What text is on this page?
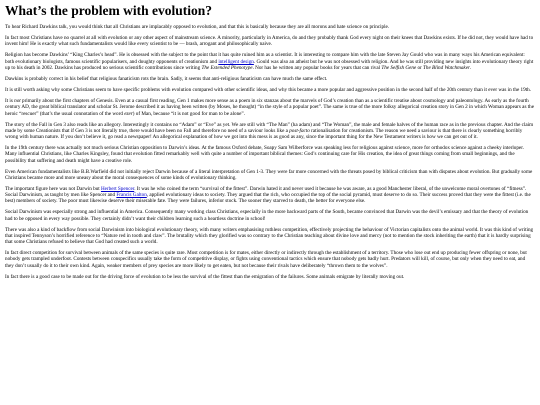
What’s the problem with evolution?

To hear Richard Dawkins talk, you would think that all Christians are implacably opposed to evolution, and that this is basically because they are all morons and hate science on principle.

In fact most Christians have no quarrel at all with evolution or any other aspect of mainstream science. A minority, particularly in America, do and they probably thank God every night on their knees that Dawkins exists. If he did not, they would have had to invent him! He is exactly what such fundamentalists would like every scientist to be — brash, arrogant and philosophically naive.

Religion has become Dawkins’ “King Charles’s head”. He is obsessed with the subject to the point that it has quite ruined him as a scientist. It is interesting to compare him with the late Steven Jay Gould who was in many ways his American equivalent: both evolutionary biologists, famous scientific popularisers, and doughty opponents of creationism and intelligent design. Gould was also an atheist but he was not obsessed with religion. And he was still providing new insights into evolutionary theory right up to his death in 2002. Dawkins has produced no serious scientific contributions since writing The Extended Phenotype. Nor has he written any popular books for years that can rival The Selfish Gene or The Blind Watchmaker.

Dawkins is probably correct in his belief that religious fanaticism rots the brain. Sadly, it seems that anti-religious fanaticism can have much the same effect.

It is still worth asking why some Christians seem to have specific problems with evolution compared with other scientific ideas, and why this became a more popular and aggressive position in the second half of the 20th century than it ever was in the 19th.

It is not primarily about the first chapters of Genesis. Even at a casual first reading, Gen 1 makes more sense as a poem in six stanzas about the marvels of God’s creation than as a scientific treatise about cosmology and paleontology. As early as the fourth century AD, the great biblical translator and scholar St. Jerome described it as having been written (by Moses, he thought) “in the style of a popular poet”. The same is true of the more folksy allegorical creation story in Gen 2 in which Woman appears as the heroic “rescuer” (that’s the usual connotation of the word ezer) of Man, because “it is not good for man to be alone”.

The story of the Fall in Gen 3 also reads like an allegory. Interestingly it contains no “Adam” or “Eve” as yet. We are still with “The Man” (ha adam) and “The Woman”, the male and female halves of the human race as in the previous chapter. And the claim made by some Creationists that if Gen 3 is not literally true, there would have been no Fall and therefore no need of a saviour looks like a post-facto rationalisation for creationism. The reason we need a saviour is that there is clearly something horribly wrong with human nature. If you don’t believe it, go read a newspaper! An allegorical explanation of how we got into this mess is as good as any, since the important thing for the New Testament writers is how we can get out of it.

In the 19th century there was actually not much serious Christian opposition to Darwin’s ideas. At the famous Oxford debate, Soapy Sam Wilberforce was speaking less for religious against science, more for orthodox science against a cheeky interloper. Many influential Christians, like Charles Kingsley, found that evolution fitted remarkably well with quite a number of important biblical themes: God’s continuing care for His creation, the idea of great things coming from small beginnings, and the possibility that suffering and death might have a creative role.

Even American fundamentalists like B.B.Warfield did not initially reject Darwin because of a literal interpretation of Gen 1-3. They were far more concerned with the threats posed by biblical criticism than with disputes about evolution. But gradually some Christians became more and more uneasy about the moral consequences of some kinds of evolutionary thinking.

The important figure here was not Darwin but Herbert Spencer. It was he who coined the term “survival of the fittest”. Darwin hated it and never used it because he was aware, as a good Manchester liberal, of the unwelcome moral overtones of “fitness”. Social Darwinism, as taught by men like Spencer and Francis Galton, applied evolutionary ideas to society. They argued that the rich, who occupied the top of the social pyramid, must deserve to do so. Their success proved that they were the fittest (i.e. the best) members of society. The poor must likewise deserve their miserable fate. They were failures, inferior stock. The sooner they starved to death, the better for everyone else.

Social Darwinism was especially strong and influential in America. Consequently many working class Christians, especially in the more backward parts of the South, became convinced that Darwin was the devil’s emissary and that the theory of evolution had to be opposed in every way possible. They certainly didn’t want their children learning such a heartless doctrine in school!

There was also a kind of backflow from social Darwinism into biological evolutionary theory, with many writers emphasising ruthless competition, effectively projecting the behaviour of Victorian capitalists onto the animal world. It was this kind of writing that inspired Tennyson’s horrified reference to “Nature red in tooth and claw”. The brutality which they glorified was so contrary to the Christian teaching about divine love and mercy (not to mention the stock inheriting the earth) that it is hardly surprising that some Christians refused to believe that God had created such a world.

In fact direct competition for survival between animals of the same species is quite rare. Most competition is for mates, either directly or indirectly through the establishment of a territory. Those who lose out end up producing fewer offspring or none, but nobody gets trampled underfoot. Contests between conspecifics usually take the form of competitive display, or fights using conventional tactics which ensure that nobody gets badly hurt. Predators will kill, of course, but only when they need to eat, and they don’t usually do it to their own kind. Again, weaker members of prey species are more likely to get eaten, but not because their rivals have deliberately “thrown them to the wolves”.

In fact there is a good case to be made out for the driving force of evolution to be less the survival of the fittest than the emigration of the failures. Some animals emigrate by literally moving out.
